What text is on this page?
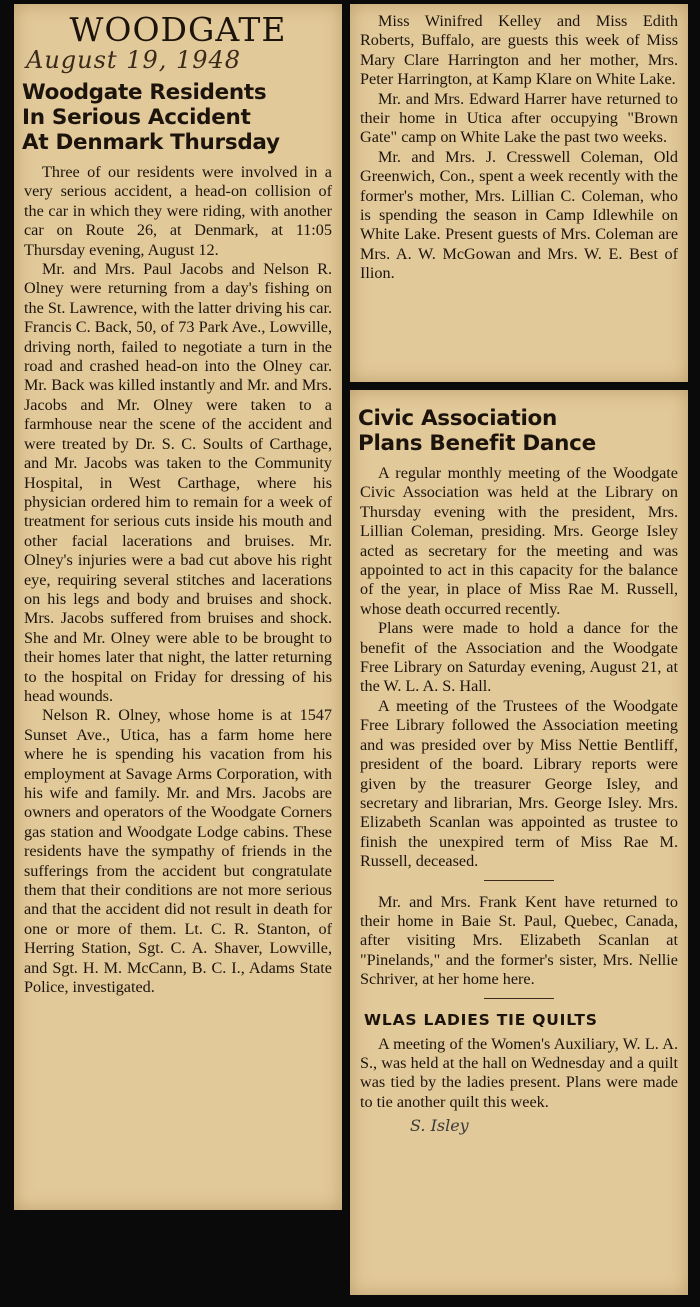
WOODGATE
August 19, 1948
Woodgate Residents
In Serious Accident
At Denmark Thursday

Three of our residents were involved in a very serious accident, a head-on collision of the car in which they were riding, with another car on Route 26, at Denmark, at 11:05 Thursday evening, August 12.

Mr. and Mrs. Paul Jacobs and Nelson R. Olney were returning from a day's fishing on the St. Lawrence, with the latter driving his car. Francis C. Back, 50, of 73 Park Ave., Lowville, driving north, failed to negotiate a turn in the road and crashed head-on into the Olney car. Mr. Back was killed instantly and Mr. and Mrs. Jacobs and Mr. Olney were taken to a farmhouse near the scene of the accident and were treated by Dr. S. C. Soults of Carthage, and Mr. Jacobs was taken to the Community Hospital, in West Carthage, where his physician ordered him to remain for a week of treatment for serious cuts inside his mouth and other facial lacerations and bruises. Mr. Olney's injuries were a bad cut above his right eye, requiring several stitches and lacerations on his legs and body and bruises and shock. Mrs. Jacobs suffered from bruises and shock. She and Mr. Olney were able to be brought to their homes later that night, the latter returning to the hospital on Friday for dressing of his head wounds.

Nelson R. Olney, whose home is at 1547 Sunset Ave., Utica, has a farm home here where he is spending his vacation from his employment at Savage Arms Corporation, with his wife and family. Mr. and Mrs. Jacobs are owners and operators of the Woodgate Corners gas station and Woodgate Lodge cabins. These residents have the sympathy of friends in the sufferings from the accident but congratulate them that their conditions are not more serious and that the accident did not result in death for one or more of them. Lt. C. R. Stanton, of Herring Station, Sgt. C. A. Shaver, Lowville, and Sgt. H. M. McCann, B. C. I., Adams State Police, investigated.

Miss Winifred Kelley and Miss Edith Roberts, Buffalo, are guests this week of Miss Mary Clare Harrington and her mother, Mrs. Peter Harrington, at Kamp Klare on White Lake.

Mr. and Mrs. Edward Harrer have returned to their home in Utica after occupying "Brown Gate" camp on White Lake the past two weeks.

Mr. and Mrs. J. Cresswell Coleman, Old Greenwich, Con., spent a week recently with the former's mother, Mrs. Lillian C. Coleman, who is spending the season in Camp Idlewhile on White Lake. Present guests of Mrs. Coleman are Mrs. A. W. McGowan and Mrs. W. E. Best of Ilion.

Civic Association
Plans Benefit Dance

A regular monthly meeting of the Woodgate Civic Association was held at the Library on Thursday evening with the president, Mrs. Lillian Coleman, presiding. Mrs. George Isley acted as secretary for the meeting and was appointed to act in this capacity for the balance of the year, in place of Miss Rae M. Russell, whose death occurred recently.

Plans were made to hold a dance for the benefit of the Association and the Woodgate Free Library on Saturday evening, August 21, at the W. L. A. S. Hall.

A meeting of the Trustees of the Woodgate Free Library followed the Association meeting and was presided over by Miss Nettie Bentliff, president of the board. Library reports were given by the treasurer George Isley, and secretary and librarian, Mrs. George Isley. Mrs. Elizabeth Scanlan was appointed as trustee to finish the unexpired term of Miss Rae M. Russell, deceased.

Mr. and Mrs. Frank Kent have returned to their home in Baie St. Paul, Quebec, Canada, after visiting Mrs. Elizabeth Scanlan at "Pinelands," and the former's sister, Mrs. Nellie Schriver, at her home here.

WLAS LADIES TIE QUILTS

A meeting of the Women's Auxiliary, W. L. A. S., was held at the hall on Wednesday and a quilt was tied by the ladies present. Plans were made to tie another quilt this week.

S. Isley
